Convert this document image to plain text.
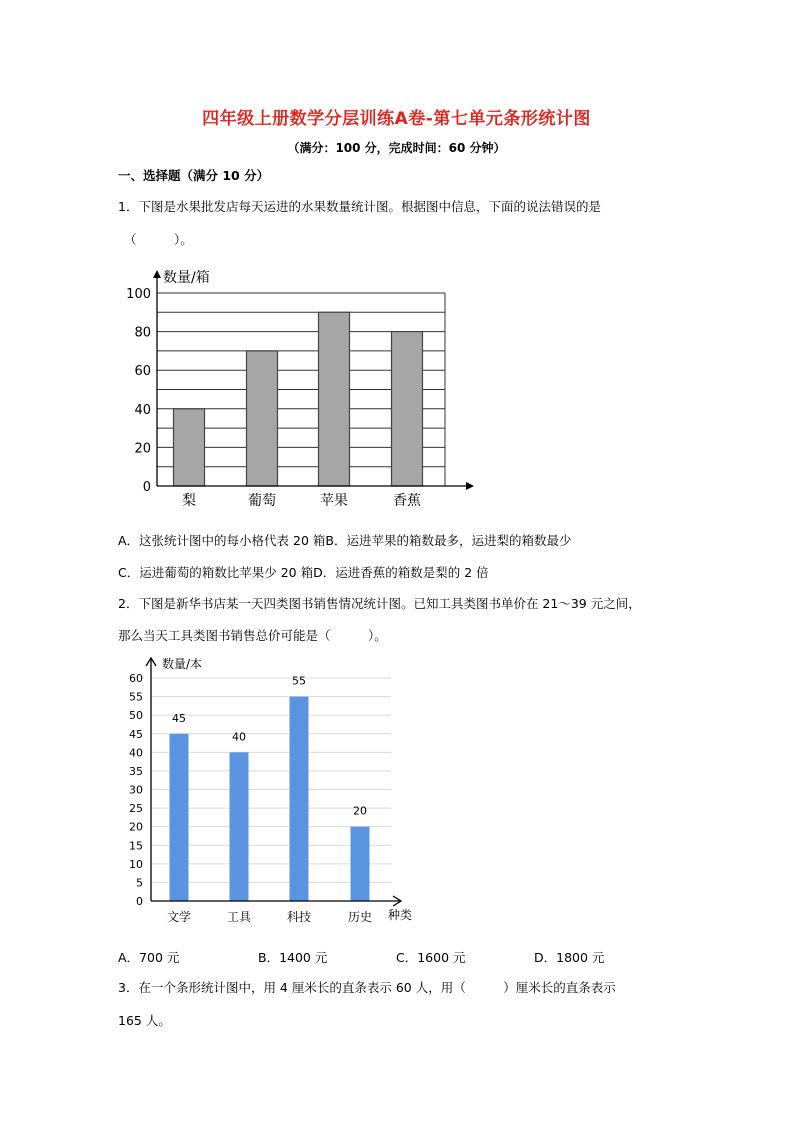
四年级上册数学分层训练A卷-第七单元条形统计图
（满分：100 分，完成时间：60 分钟）
一、选择题（满分 10 分）
1．下图是水果批发店每天运进的水果数量统计图。根据图中信息，下面的说法错误的是
（　　　）。
梨	葡萄	苹果	香蕉
数量/箱
0
20
40
60
80
100
A．这张统计图中的每小格代表 20 箱B．运进苹果的箱数最多，运进梨的箱数最少
C．运进葡萄的箱数比苹果少 20 箱D．运进香蕉的箱数是梨的 2 倍
2．下图是新华书店某一天四类图书销售情况统计图。已知工具类图书单价在 21～39 元之间，
那么当天工具类图书销售总价可能是（　　　）。
0
5
10
15
20
25
30
35
40
45
50
55
60
45
文学
40
工具
55
科技
20
历史
数量/本
种类
A．700 元	B．1400 元	C．1600 元	D．1800 元
3．在一个条形统计图中，用 4 厘米长的直条表示 60 人，用（　　　）厘米长的直条表示
165 人。
